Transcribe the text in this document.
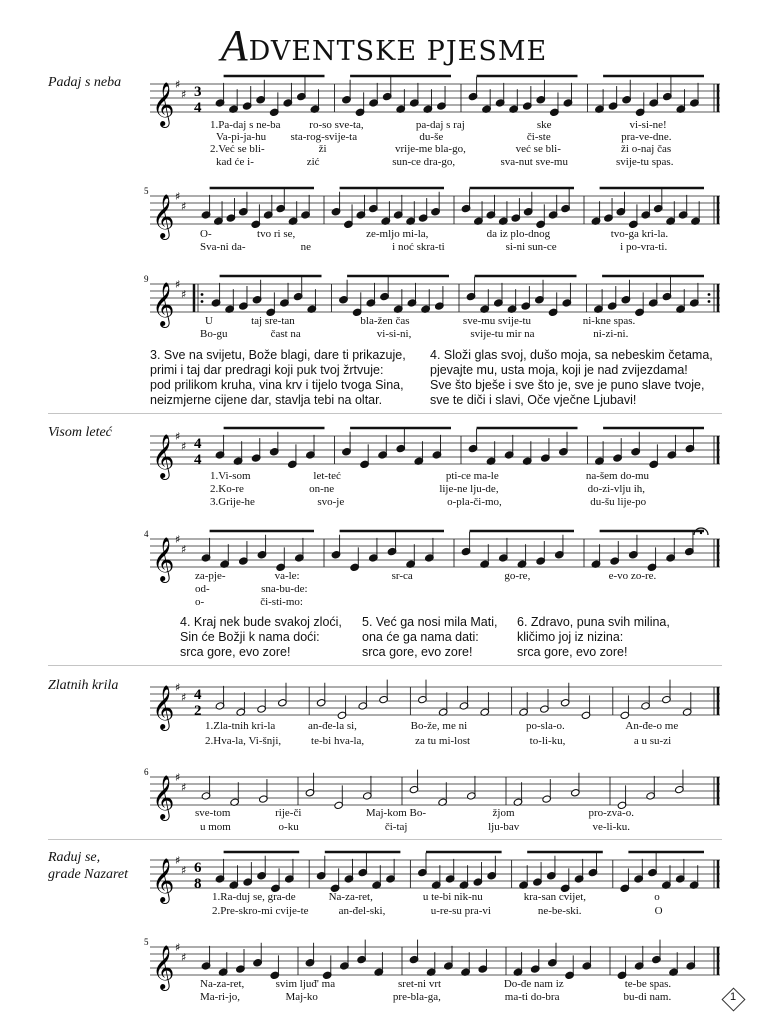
ADVENTSKE PJESME
Padaj s neba 𝄞 ♯
♯ 3
4
𝄞 ♯
♯
5
𝄞 ♯
♯
9
1.Pa-daj s ne-ba	ro-so sve-ta,	pa-daj s raj	ske	vi-si-ne!
Va-pi-ja-hu	sta-rog-svije-ta	du-še	či-ste	pra-ve-dne.
2.Već se bli-	ži	vrije-me bla-go,	već se bli-	ži o-naj čas
kad će i-	zić	sun-ce dra-go,	sva-nut sve-mu	svije-tu spas.
O-	tvo ri se,	ze-mljo mi-la,	da iz plo-dnog	tvo-ga kri-la.
Sva-ni da-	ne	i noć skra-ti	si-ni sun-ce	i po-vra-ti.
U	taj sre-tan	bla-žen čas	sve-mu svije-tu	ni-kne spas.
Bo-gu	čast na	vi-si-ni,	svije-tu mir na	ni-zi-ni.
3. Sve na svijetu, Bože blagi, dare ti prikazuje,
primi i taj dar predragi koji puk tvoj žrtvuje:
pod prilikom kruha, vina krv i tijelo tvoga Sina,
neizmjerne cijene dar, stavlja tebi na oltar.
4. Složi glas svoj, dušo moja, sa nebeskim četama,
pjevajte mu, usta moja, koji je nad zvijezdama!
Sve što bješe i sve što je, sve je puno slave tvoje,
sve te diči i slavi, Oče vječne Ljubavi!
Visom leteć
𝄞 ♯
♯ 4
4
𝄞 ♯
♯
4
1.Vi-som	let-teć	pti-ce ma-le	na-šem do-mu
2.Ko-re	on-ne	lije-ne lju-de,	do-zi-vlju ih,
3.Grije-he	svo-je	o-pla-či-mo,	du-šu lije-po
za-pje-	va-le:	sr-ca	go-re,	e-vo zo-re.
od-	sna-bu-de:
o-	či-sti-mo:
4. Kraj nek bude svakoj zloći,
Sin će Božji k nama doći:
srca gore, evo zore!
5. Već ga nosi mila Mati,
ona će ga nama dati:
srca gore, evo zore!
6. Zdravo, puna svih milina,
kličimo joj iz nizina:
srca gore, evo zore!
Zlatnih krila 𝄞 ♯
♯ 4
2
𝄞 ♯
♯
6
1.Zla-tnih kri-la	an-đe-la si,	Bo-že, me ni	po-sla-o.	An-đe-o me
2.Hva-la, Vi-šnji,	te-bi hva-la,	za tu mi-lost	to-li-ku,	a u su-zi
sve-tom	rije-či	Maj-kom Bo-	žjom	pro-zva-o.
u mom	o-ku	či-taj	lju-bav	ve-li-ku.
Raduj se,
grade Nazaret 𝄞 ♯
♯ 6
8
𝄞 ♯
♯
5
1.Ra-duj se, gra-de	Na-za-ret,	u te-bi nik-nu	kra-san cvijet,	o
2.Pre-skro-mi cvije-te	an-đel-ski,	u-re-su pra-vi	ne-be-ski.	O
Na-za-ret,	svim ljuđ' ma	sret-ni vrt	Do-đe nam iz	te-be spas.
Ma-ri-jo,	Maj-ko	pre-bla-ga,	ma-ti do-bra	bu-di nam.	1
